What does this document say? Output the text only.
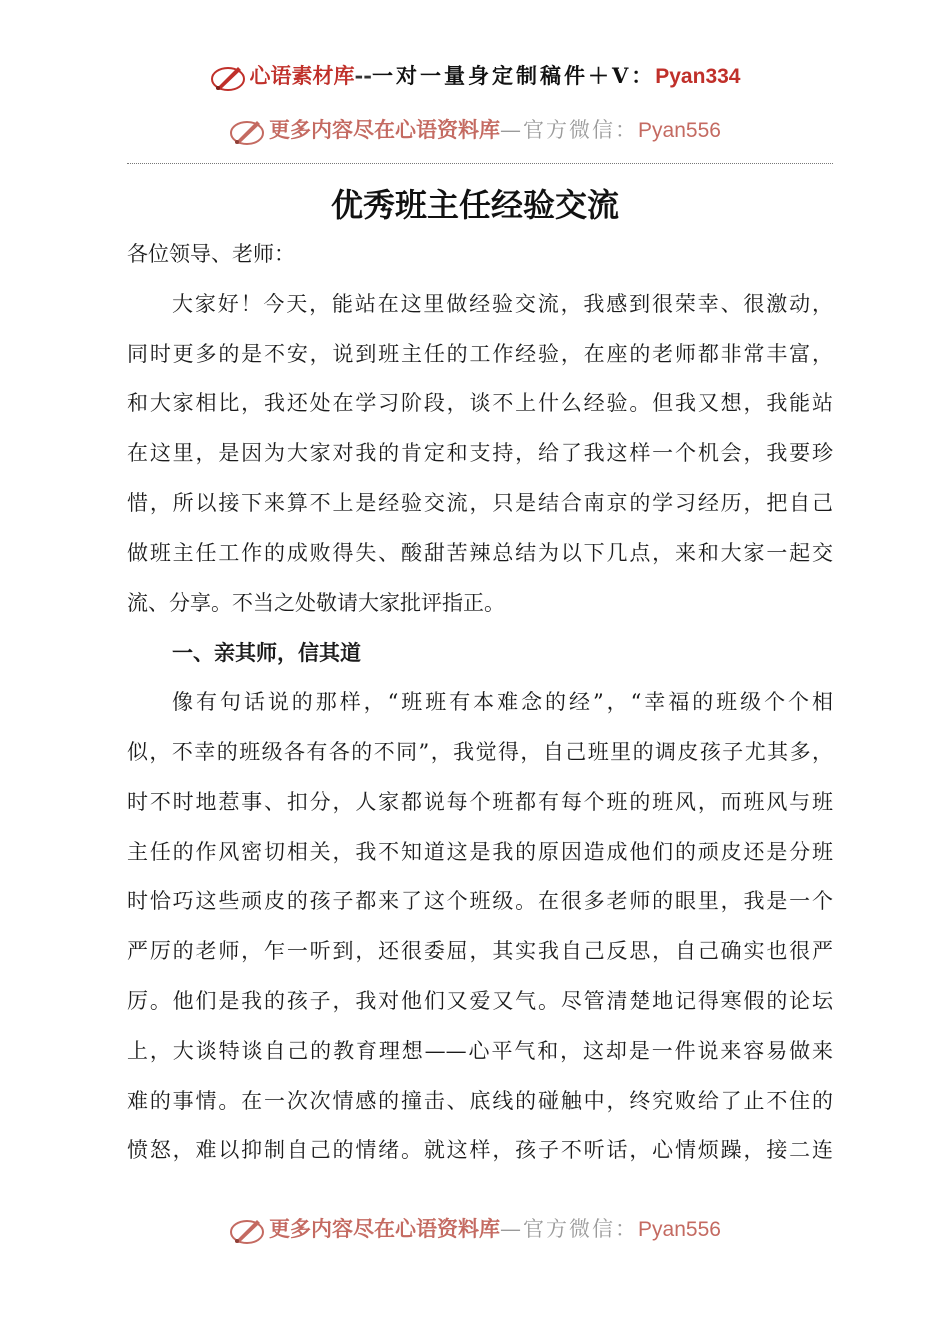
心语素材库--一对一量身定制稿件＋V：Pyan334
更多内容尽在心语资料库—官方微信：Pyan556
优秀班主任经验交流
各位领导、老师：
大家好！今天，能站在这里做经验交流，我感到很荣幸、很激动，
同时更多的是不安，说到班主任的工作经验，在座的老师都非常丰富，
和大家相比，我还处在学习阶段，谈不上什么经验。但我又想，我能站
在这里，是因为大家对我的肯定和支持，给了我这样一个机会，我要珍
惜，所以接下来算不上是经验交流，只是结合南京的学习经历，把自己
做班主任工作的成败得失、酸甜苦辣总结为以下几点，来和大家一起交
流、分享。不当之处敬请大家批评指正。
一、亲其师，信其道
像有句话说的那样，“班班有本难念的经”，“幸福的班级个个相
似，不幸的班级各有各的不同”，我觉得，自己班里的调皮孩子尤其多，
时不时地惹事、扣分，人家都说每个班都有每个班的班风，而班风与班
主任的作风密切相关，我不知道这是我的原因造成他们的顽皮还是分班
时恰巧这些顽皮的孩子都来了这个班级。在很多老师的眼里，我是一个
严厉的老师，乍一听到，还很委屈，其实我自己反思，自己确实也很严
厉。他们是我的孩子，我对他们又爱又气。尽管清楚地记得寒假的论坛
上，大谈特谈自己的教育理想——心平气和，这却是一件说来容易做来
难的事情。在一次次情感的撞击、底线的碰触中，终究败给了止不住的
愤怒，难以抑制自己的情绪。就这样，孩子不听话，心情烦躁，接二连
更多内容尽在心语资料库—官方微信：Pyan556
